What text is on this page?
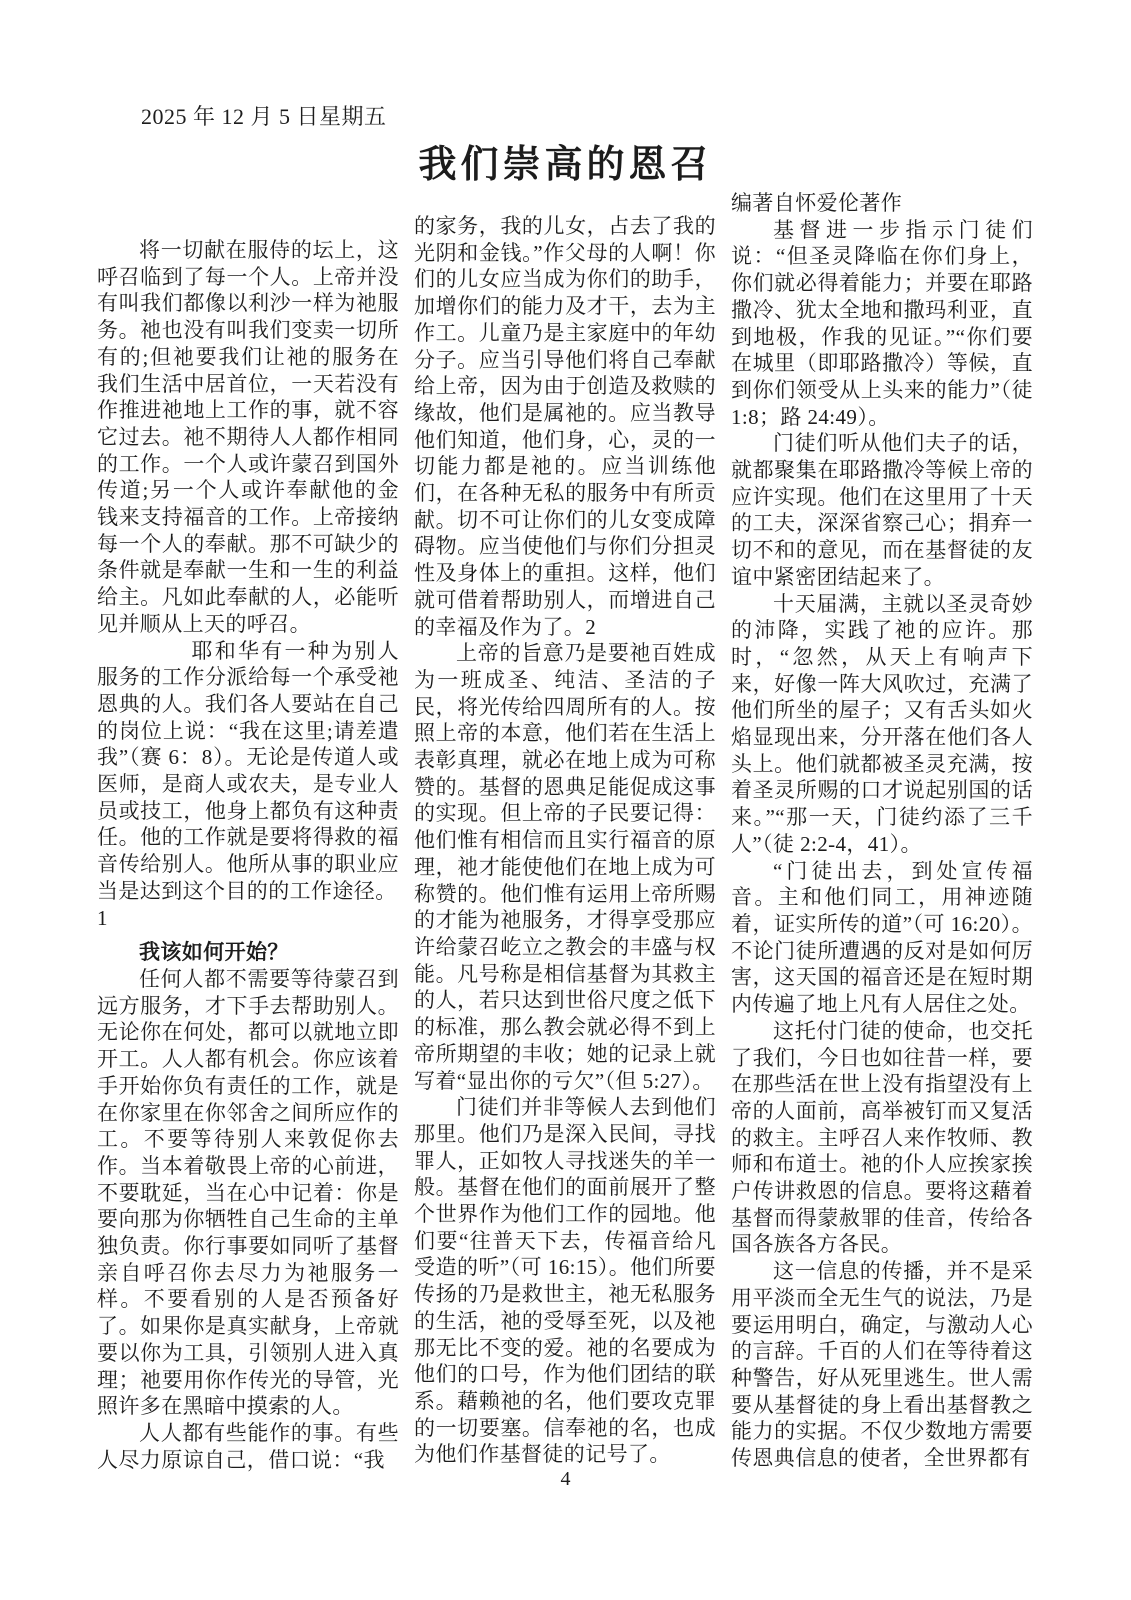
2025 年 12 月 5 日星期五
我们崇高的恩召

将一切献在服侍的坛上，这呼召临到了每一个人。上帝并没有叫我们都像以利沙一样为祂服务。祂也没有叫我们变卖一切所有的;但祂要我们让祂的服务在我们生活中居首位，一天若没有作推进祂地上工作的事，就不容它过去。祂不期待人人都作相同的工作。一个人或许蒙召到国外传道;另一个人或许奉献他的金钱来支持福音的工作。上帝接纳每一个人的奉献。那不可缺少的条件就是奉献一生和一生的利益给主。凡如此奉献的人，必能听见并顺从上天的呼召。

耶和华有一种为别人服务的工作分派给每一个承受祂恩典的人。我们各人要站在自己的岗位上说：“我在这里;请差遣我”（赛 6：8）。无论是传道人或医师，是商人或农夫，是专业人员或技工，他身上都负有这种责任。他的工作就是要将得救的福音传给别人。他所从事的职业应当是达到这个目的的工作途径。

1

我该如何开始？

任何人都不需要等待蒙召到远方服务，才下手去帮助别人。无论你在何处，都可以就地立即开工。人人都有机会。你应该着手开始你负有责任的工作，就是在你家里在你邻舍之间所应作的工。不要等待别人来敦促你去作。当本着敬畏上帝的心前进，不要耽延，当在心中记着：你是要向那为你牺牲自己生命的主单独负责。你行事要如同听了基督亲自呼召你去尽力为祂服务一样。不要看别的人是否预备好了。如果你是真实献身，上帝就要以你为工具，引领别人进入真理；祂要用你作传光的导管，光照许多在黑暗中摸索的人。

人人都有些能作的事。有些人尽力原谅自己，借口说：“我

的家务，我的儿女，占去了我的光阴和金钱。”作父母的人啊！你们的儿女应当成为你们的助手，加增你们的能力及才干，去为主作工。儿童乃是主家庭中的年幼分子。应当引导他们将自己奉献给上帝，因为由于创造及救赎的缘故，他们是属祂的。应当教导他们知道，他们身，心，灵的一切能力都是祂的。应当训练他们，在各种无私的服务中有所贡献。切不可让你们的儿女变成障碍物。应当使他们与你们分担灵性及身体上的重担。这样，他们就可借着帮助别人，而增进自己的幸福及作为了。2

上帝的旨意乃是要祂百姓成为一班成圣、纯洁、圣洁的子民，将光传给四周所有的人。按照上帝的本意，他们若在生活上表彰真理，就必在地上成为可称赞的。基督的恩典足能促成这事的实现。但上帝的子民要记得：他们惟有相信而且实行福音的原理，祂才能使他们在地上成为可称赞的。他们惟有运用上帝所赐的才能为祂服务，才得享受那应许给蒙召屹立之教会的丰盛与权能。凡号称是相信基督为其救主的人，若只达到世俗尺度之低下的标准，那么教会就必得不到上帝所期望的丰收；她的记录上就写着“显出你的亏欠”（但 5:27）。

门徒们并非等候人去到他们那里。他们乃是深入民间，寻找罪人，正如牧人寻找迷失的羊一般。基督在他们的面前展开了整个世界作为他们工作的园地。他们要“往普天下去，传福音给凡受造的听”（可 16:15）。他们所要传扬的乃是救世主，祂无私服务的生活，祂的受辱至死，以及祂那无比不变的爱。祂的名要成为他们的口号，作为他们团结的联系。藉赖祂的名，他们要攻克罪的一切要塞。信奉祂的名，也成为他们作基督徒的记号了。

编著自怀爱伦著作

基督进一步指示门徒们说：“但圣灵降临在你们身上，你们就必得着能力；并要在耶路撒冷、犹太全地和撒玛利亚，直到地极，作我的见证。”“你们要在城里（即耶路撒冷）等候，直到你们领受从上头来的能力”（徒 1:8；路 24:49）。

门徒们听从他们夫子的话，就都聚集在耶路撒冷等候上帝的应许实现。他们在这里用了十天的工夫，深深省察己心；捐弃一切不和的意见，而在基督徒的友谊中紧密团结起来了。

十天届满，主就以圣灵奇妙的沛降，实践了祂的应许。那时，“忽然，从天上有响声下来，好像一阵大风吹过，充满了他们所坐的屋子；又有舌头如火焰显现出来，分开落在他们各人头上。他们就都被圣灵充满，按着圣灵所赐的口才说起别国的话来。”“那一天，门徒约添了三千人”（徒 2:2-4，41）。

“门徒出去，到处宣传福音。主和他们同工，用神迹随着，证实所传的道”（可 16:20）。不论门徒所遭遇的反对是如何厉害，这天国的福音还是在短时期内传遍了地上凡有人居住之处。

这托付门徒的使命，也交托了我们，今日也如往昔一样，要在那些活在世上没有指望没有上帝的人面前，高举被钉而又复活的救主。主呼召人来作牧师、教师和布道士。祂的仆人应挨家挨户传讲救恩的信息。要将这藉着基督而得蒙赦罪的佳音，传给各国各族各方各民。

这一信息的传播，并不是采用平淡而全无生气的说法，乃是要运用明白，确定，与激动人心的言辞。千百的人们在等待着这种警告，好从死里逃生。世人需要从基督徒的身上看出基督教之能力的实据。不仅少数地方需要传恩典信息的使者，全世界都有

4
